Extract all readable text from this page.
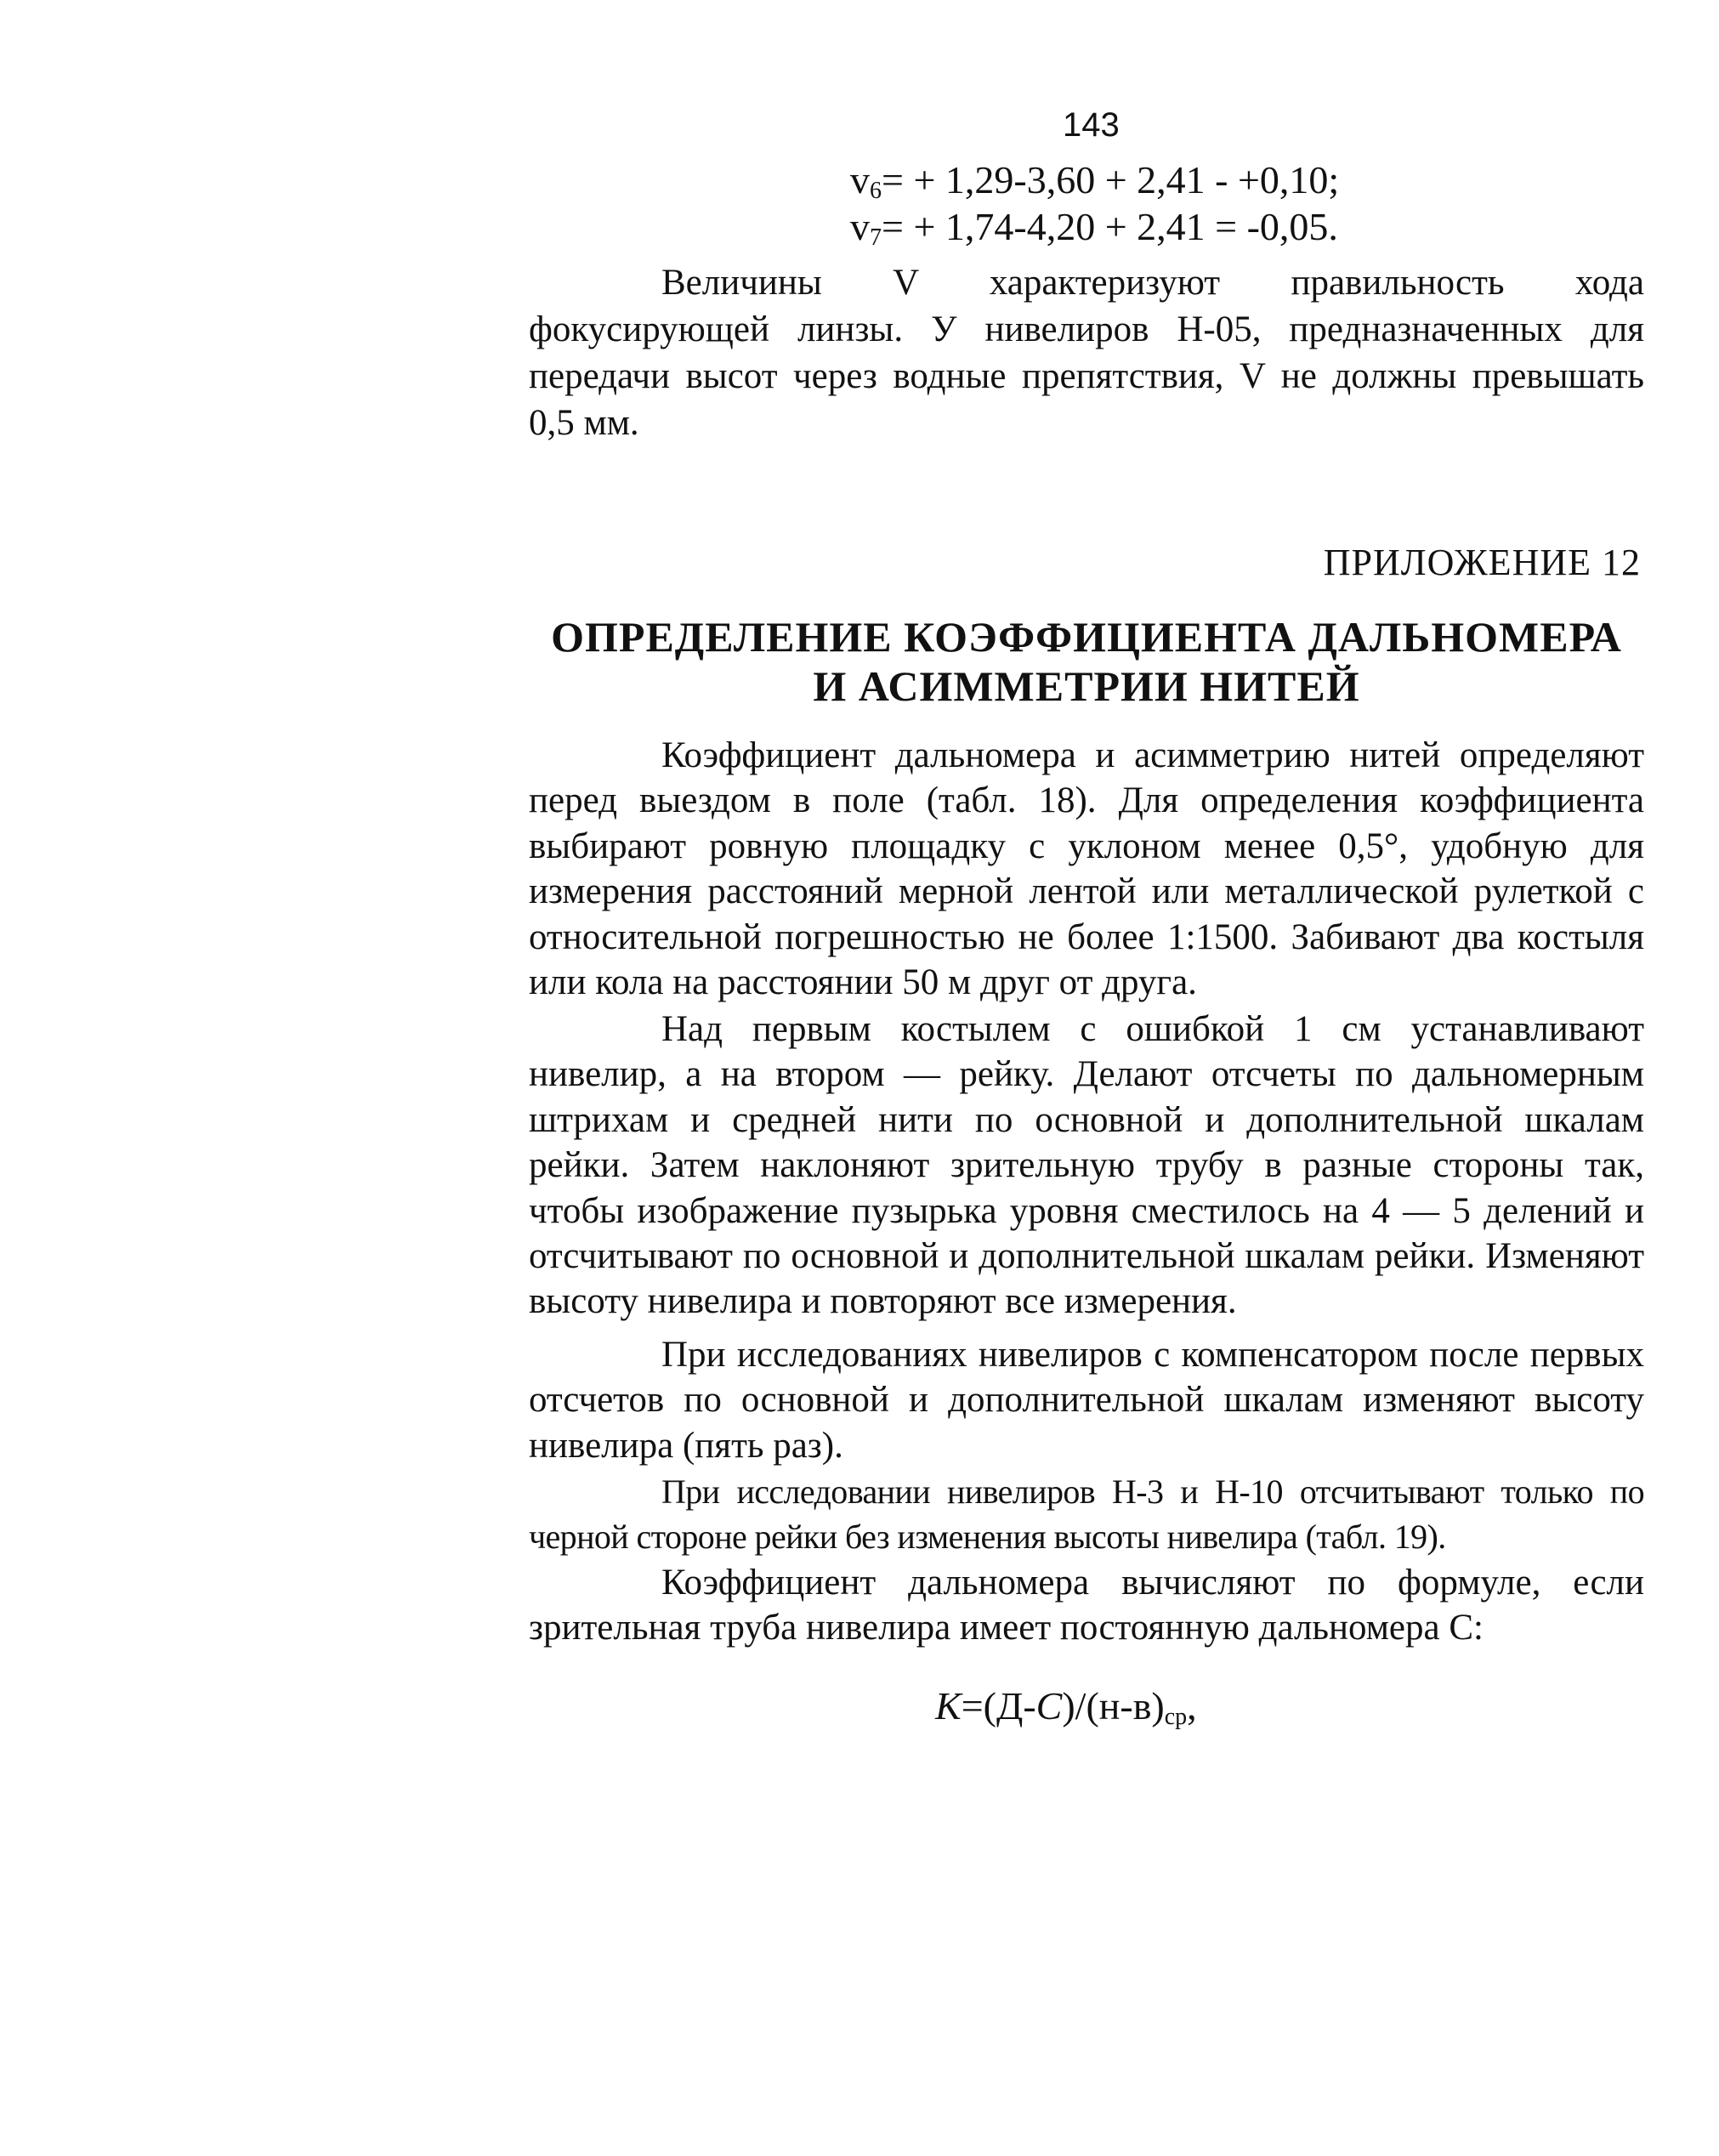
143
$v_6= + 1,29-3,60 + 2,41 - +0,10$;
$v_7= + 1,74-4,20 + 2,41 = -0,05$.

Величины V характеризуют правильность хода фокусирующей линзы. У нивелиров Н-05, предназначенных для передачи высот через водные препятствия, V не должны превышать 0,5 мм.

ПРИЛОЖЕНИЕ 12
ОПРЕДЕЛЕНИЕ КОЭФФИЦИЕНТА ДАЛЬНОМЕРА
И АСИММЕТРИИ НИТЕЙ

Коэффициент дальномера и асимметрию нитей определяют перед выездом в поле (табл. 18). Для определения коэффициента выбирают ровную площадку с уклоном менее 0,5°, удобную для измерения расстояний мерной лентой или металлической рулеткой с относительной погрешностью не более 1:1500. Забивают два костыля или кола на расстоянии 50 м друг от друга.

Над первым костылем с ошибкой 1 см устанавливают нивелир, а на втором — рейку. Делают отсчеты по дальномерным штрихам и средней нити по основной и дополнительной шкалам рейки. Затем наклоняют зрительную трубу в разные стороны так, чтобы изображение пузырька уровня сместилось на 4 — 5 делений и отсчитывают по основной и дополнительной шкалам рейки. Изменяют высоту нивелира и повторяют все измерения.

При исследованиях нивелиров с компенсатором после первых отсчетов по основной и дополнительной шкалам изменяют высоту нивелира (пять раз).

При исследовании нивелиров Н-3 и Н-10 отсчитывают только по черной стороне рейки без изменения высоты нивелира (табл. 19).

Коэффициент дальномера вычисляют по формуле, если зрительная труба нивелира имеет постоянную дальномера C:

$K=(Д-C)/(н-в)_{ср}$,
